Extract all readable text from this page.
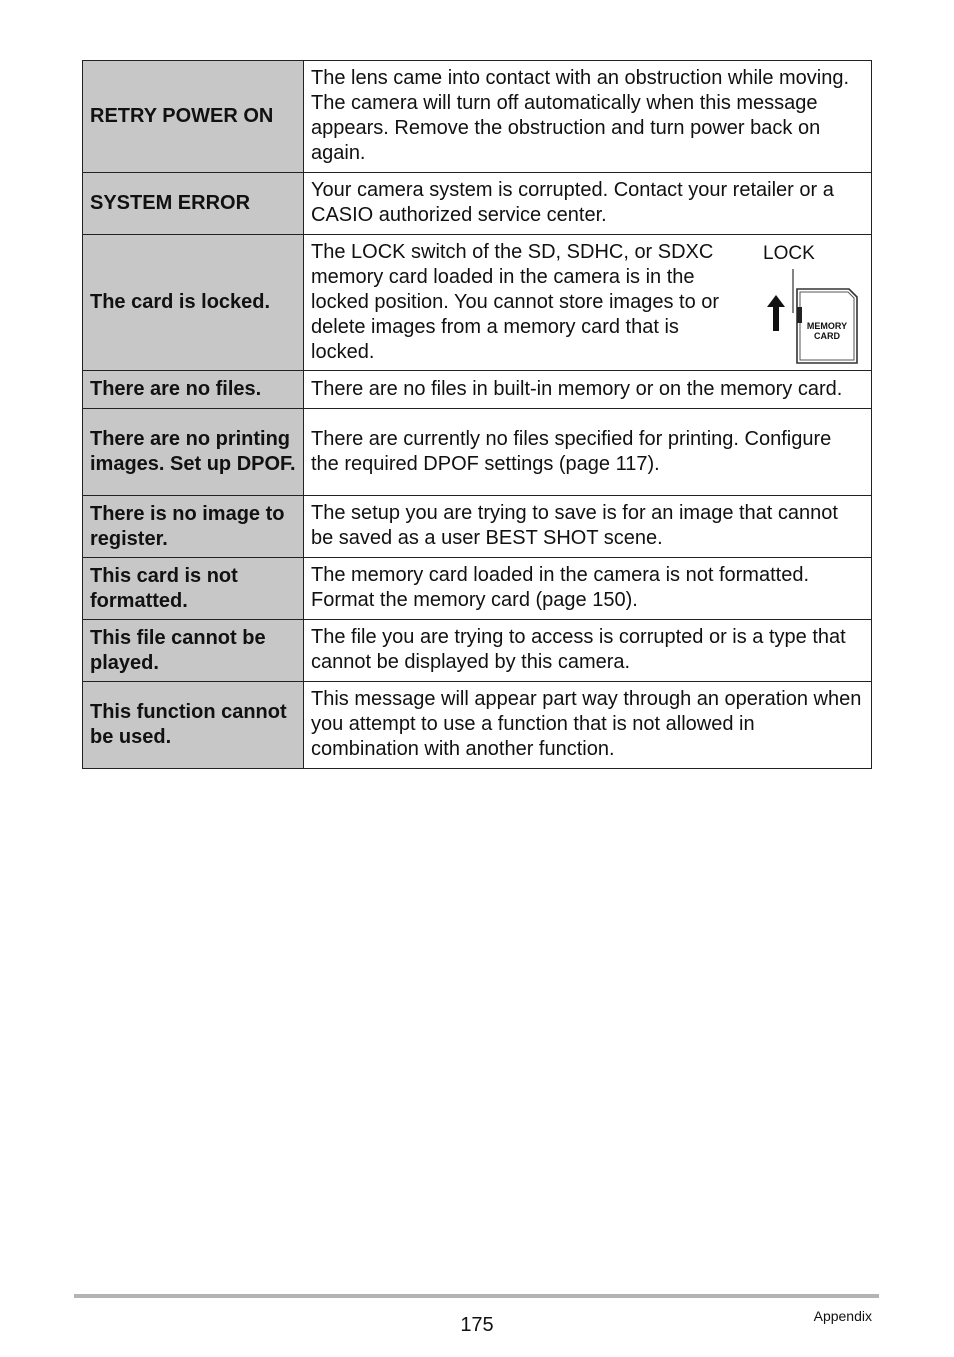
RETRY POWER ON	The lens came into contact with an obstruction while moving. The camera will turn off automatically when this message appears. Remove the obstruction and turn power back on again.
SYSTEM ERROR	Your camera system is corrupted. Contact your retailer or a CASIO authorized service center.
The card is locked.	The LOCK switch of the SD, SDHC, or SDXC memory card loaded in the camera is in the locked position. You cannot store images to or delete images from a memory card that is locked.
LOCK
MEMORY
CARD

There are no files.	There are no files in built-in memory or on the memory card.
There are no printing images. Set up DPOF.	There are currently no files specified for printing. Configure the required DPOF settings (page 117).
There is no image to register.	The setup you are trying to save is for an image that cannot be saved as a user BEST SHOT scene.
This card is not formatted.	The memory card loaded in the camera is not formatted. Format the memory card (page 150).
This file cannot be played.	The file you are trying to access is corrupted or is a type that cannot be displayed by this camera.
This function cannot be used.	This message will appear part way through an operation when you attempt to use a function that is not allowed in combination with another function.
175	Appendix
